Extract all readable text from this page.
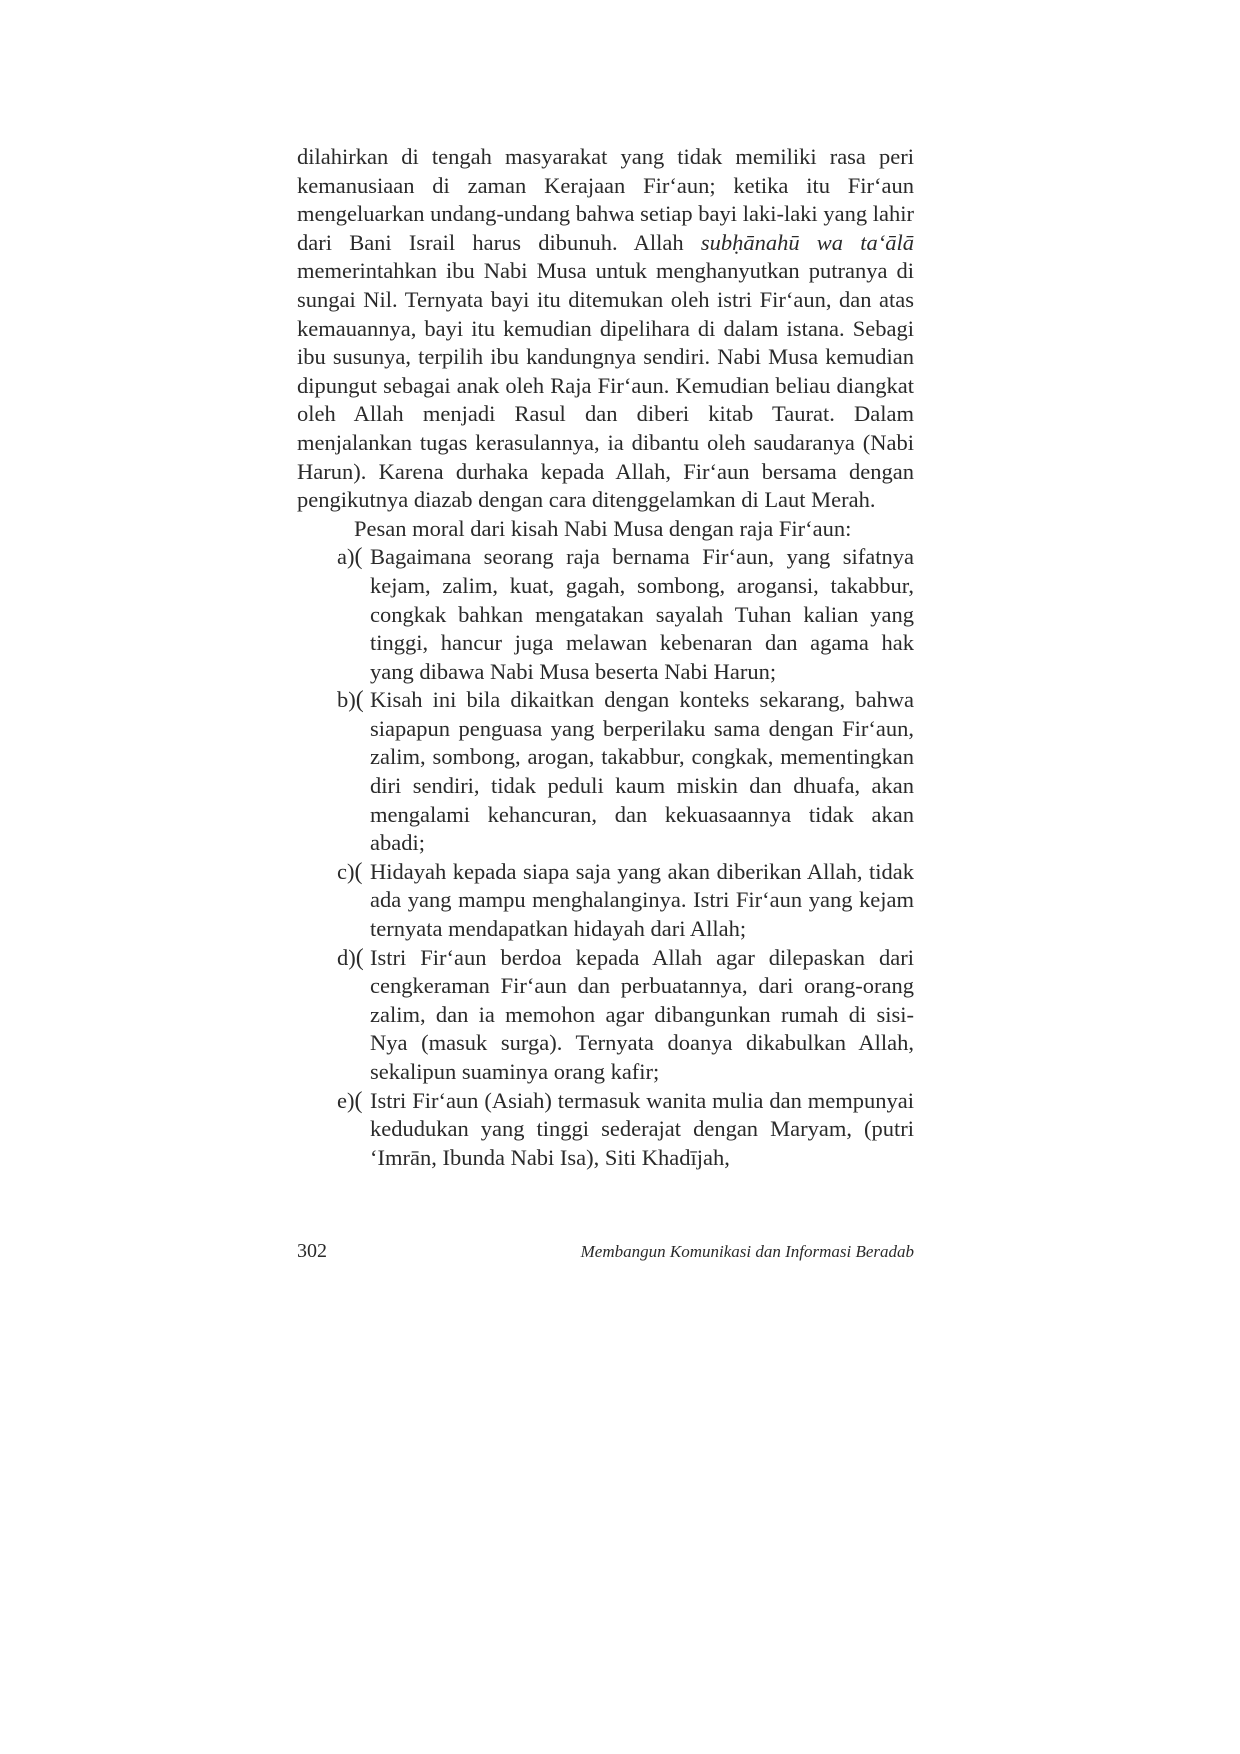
dilahirkan di tengah masyarakat yang tidak memiliki rasa peri kemanusiaan di zaman Kerajaan Fir‘aun; ketika itu Fir‘aun mengeluarkan undang-undang bahwa setiap bayi laki-laki yang lahir dari Bani Israil harus dibunuh. Allah subḥānahū wa ta‘ālā memerintahkan ibu Nabi Musa untuk menghanyutkan putranya di sungai Nil. Ternyata bayi itu ditemukan oleh istri Fir‘aun, dan atas kemauannya, bayi itu kemudian dipelihara di dalam istana. Sebagi ibu susunya, terpilih ibu kandungnya sendiri. Nabi Musa kemudian dipungut sebagai anak oleh Raja Fir‘aun. Kemudian beliau diangkat oleh Allah menjadi Rasul dan diberi kitab Taurat. Dalam menjalankan tugas kerasulannya, ia dibantu oleh saudaranya (Nabi Harun). Karena durhaka kepada Allah, Fir‘aun bersama dengan pengikutnya diazab dengan cara ditenggelamkan di Laut Merah.

Pesan moral dari kisah Nabi Musa dengan raja Fir‘aun:

a)( Bagaimana seorang raja bernama Fir‘aun, yang sifatnya kejam, zalim, kuat, gagah, sombong, arogansi, takabbur, congkak bahkan mengatakan sayalah Tuhan kalian yang tinggi, hancur juga melawan kebenaran dan agama hak yang dibawa Nabi Musa beserta Nabi Harun;
b)( Kisah ini bila dikaitkan dengan konteks sekarang, bahwa siapapun penguasa yang berperilaku sama dengan Fir‘aun, zalim, sombong, arogan, takabbur, congkak, mementingkan diri sendiri, tidak peduli kaum miskin dan dhuafa, akan mengalami kehancuran, dan kekuasaannya tidak akan abadi;
c)( Hidayah kepada siapa saja yang akan diberikan Allah, tidak ada yang mampu menghalanginya. Istri Fir‘aun yang kejam ternyata mendapatkan hidayah dari Allah;
d)( Istri Fir‘aun berdoa kepada Allah agar dilepaskan dari cengkeraman Fir‘aun dan perbuatannya, dari orang-orang zalim, dan ia memohon agar dibangunkan rumah di sisi-Nya (masuk surga). Ternyata doanya dikabulkan Allah, sekalipun suaminya orang kafir;
e)( Istri Fir‘aun (Asiah) termasuk wanita mulia dan mempunyai kedudukan yang tinggi sederajat dengan Maryam, (putri ‘Imrān, Ibunda Nabi Isa), Siti Khadījah,
302	Membangun Komunikasi dan Informasi Beradab
